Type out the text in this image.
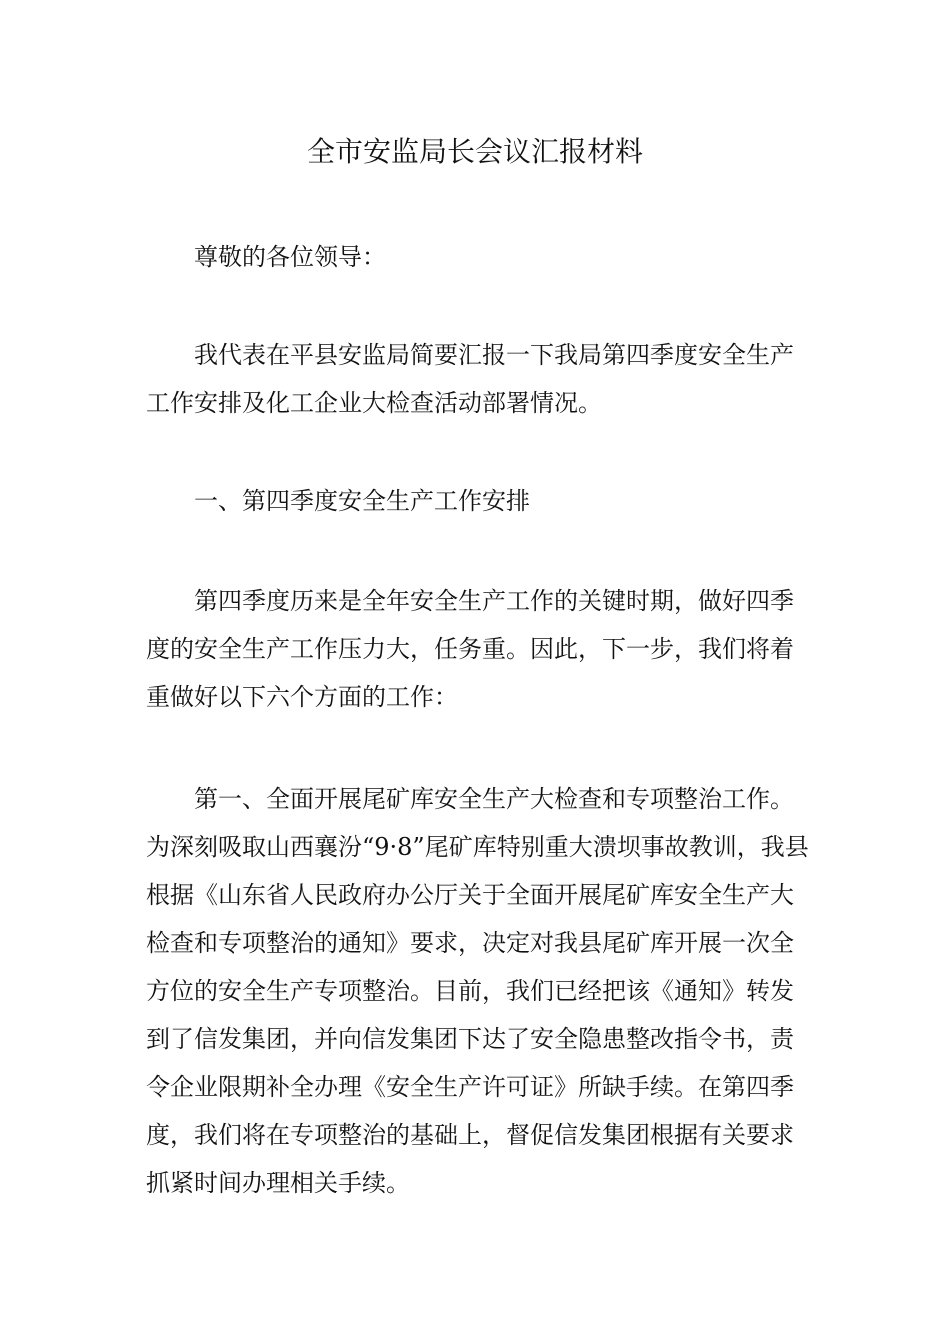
全市安监局长会议汇报材料

尊敬的各位领导：

我代表在平县安监局简要汇报一下我局第四季度安全生产
工作安排及化工企业大检查活动部署情况。

一、第四季度安全生产工作安排

第四季度历来是全年安全生产工作的关键时期，做好四季
度的安全生产工作压力大，任务重。因此，下一步，我们将着
重做好以下六个方面的工作：

第一、全面开展尾矿库安全生产大检查和专项整治工作。
为深刻吸取山西襄汾“9·8”尾矿库特别重大溃坝事故教训，我县
根据《山东省人民政府办公厅关于全面开展尾矿库安全生产大
检查和专项整治的通知》要求，决定对我县尾矿库开展一次全
方位的安全生产专项整治。目前，我们已经把该《通知》转发
到了信发集团，并向信发集团下达了安全隐患整改指令书，责
令企业限期补全办理《安全生产许可证》所缺手续。在第四季
度，我们将在专项整治的基础上，督促信发集团根据有关要求
抓紧时间办理相关手续。
